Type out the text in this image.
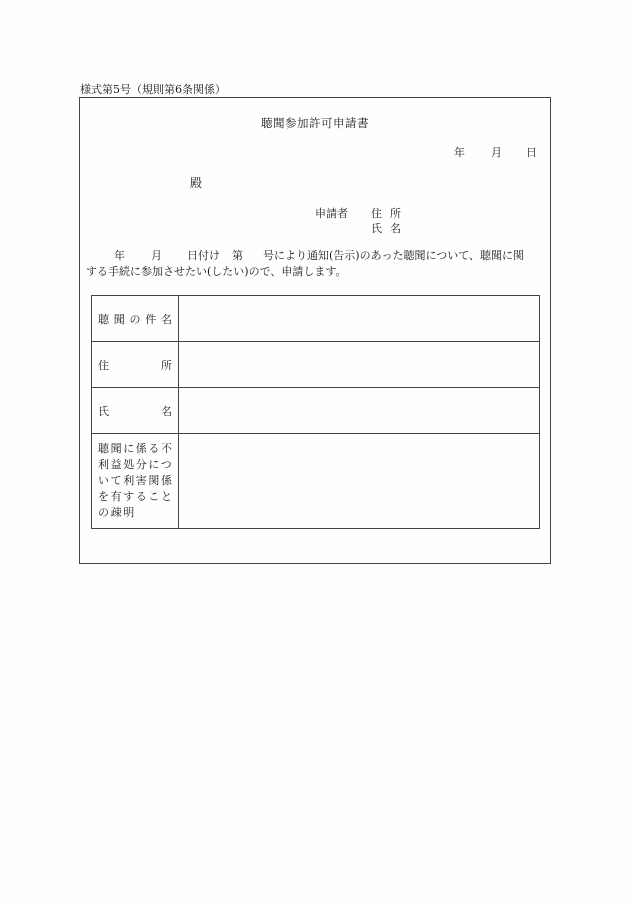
様式第5号（規則第6条関係）
聴聞参加許可申請書
年 月 日
殿
申請者 住所
氏名
年 月 日付け 第 号により通知(告示)のあった聴聞について、聴聞に関
する手続に参加させたい(したい)ので、申請します。
聴 聞 の 件 名	

住 所	

氏 名	

聴聞に係る不
利益処分につ
いて利害関係
を有すること
の疎明	
